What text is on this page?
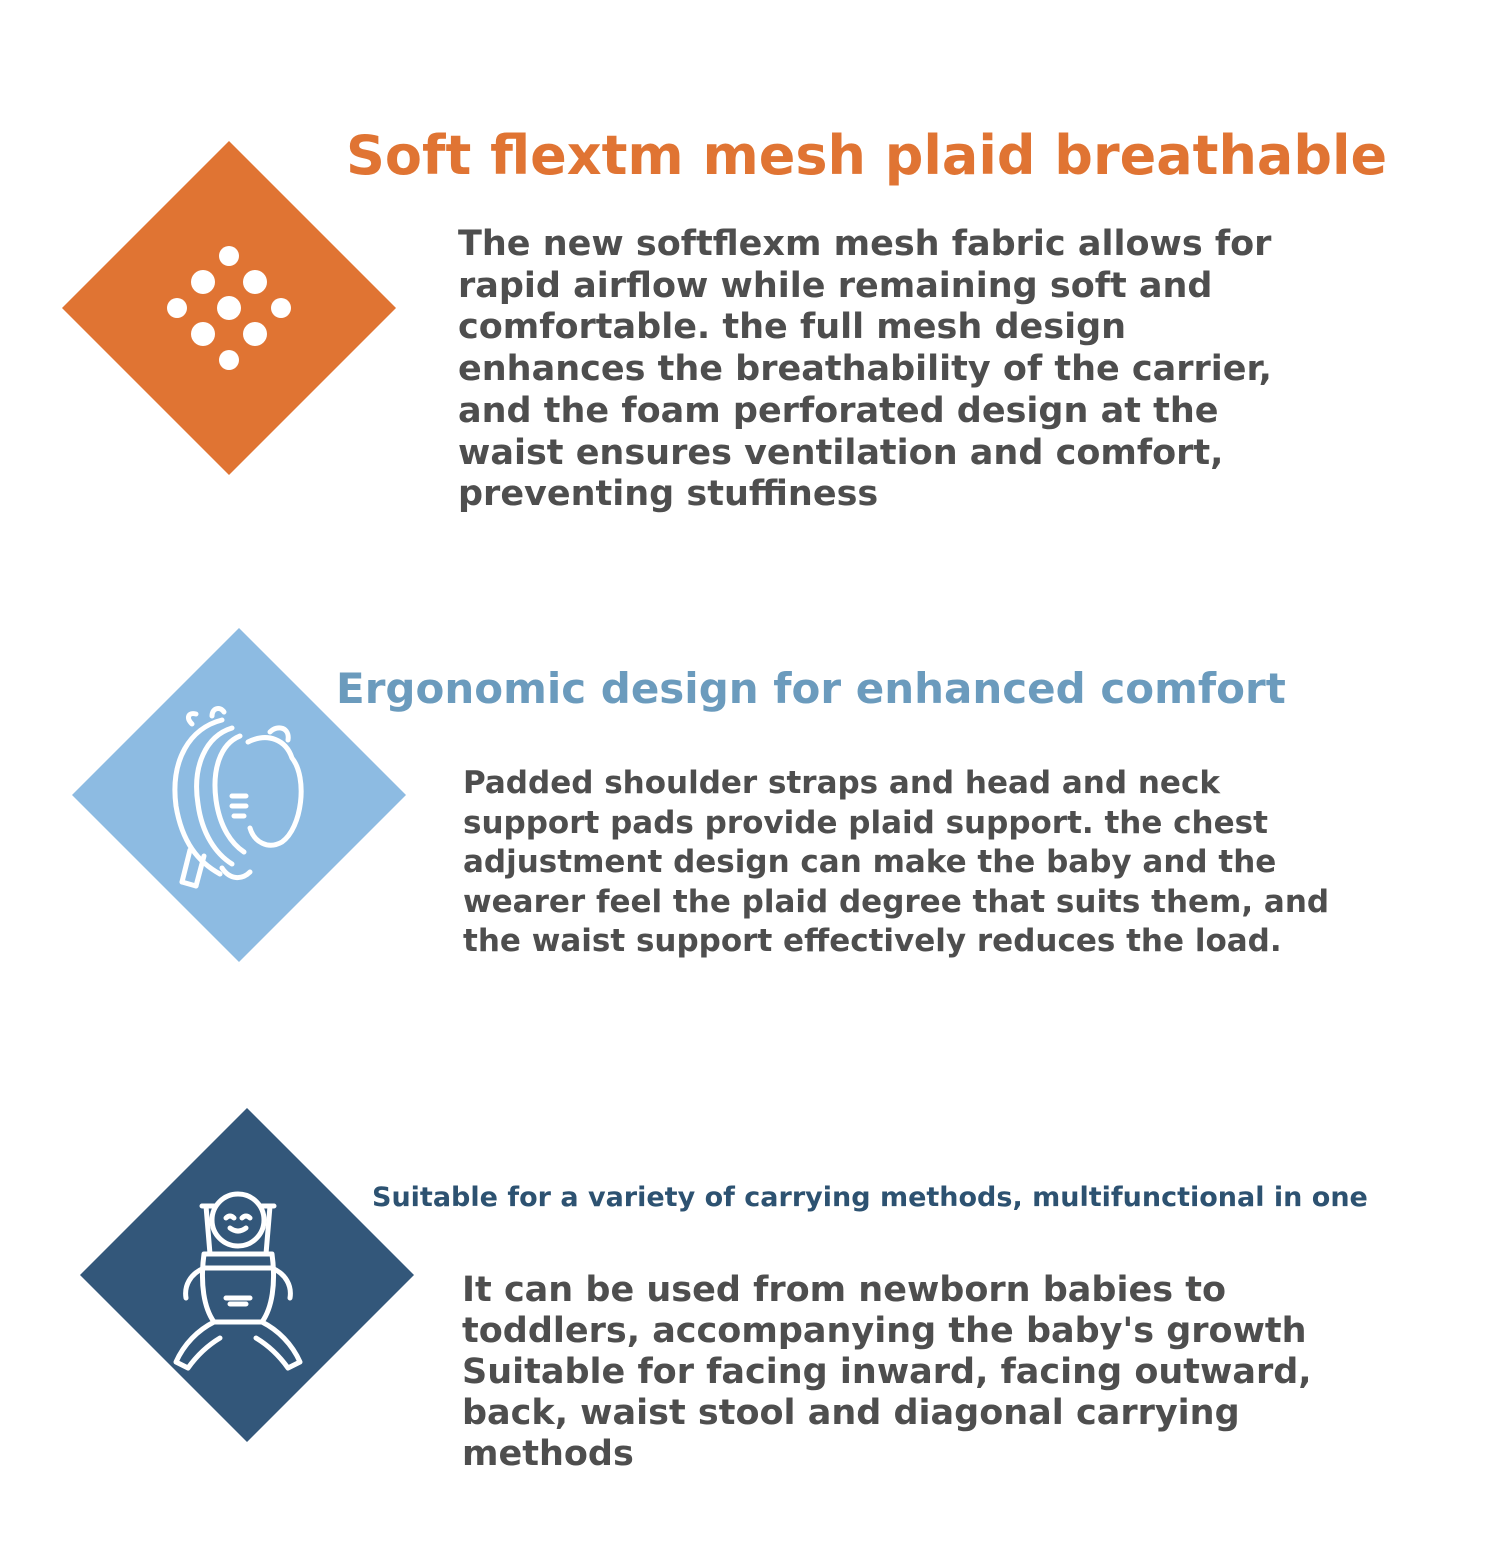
Soft flextm mesh plaid breathable

The new softflexm mesh fabric allows for
rapid airflow while remaining soft and
comfortable. the full mesh design
enhances the breathability of the carrier,
and the foam perforated design at the
waist ensures ventilation and comfort,
preventing stuffiness

Ergonomic design for enhanced comfort

Padded shoulder straps and head and neck
support pads provide plaid support. the chest
adjustment design can make the baby and the
wearer feel the plaid degree that suits them, and
the waist support effectively reduces the load.

Suitable for a variety of carrying methods, multifunctional in one

It can be used from newborn babies to
toddlers, accompanying the baby's growth
Suitable for facing inward, facing outward,
back, waist stool and diagonal carrying
methods
